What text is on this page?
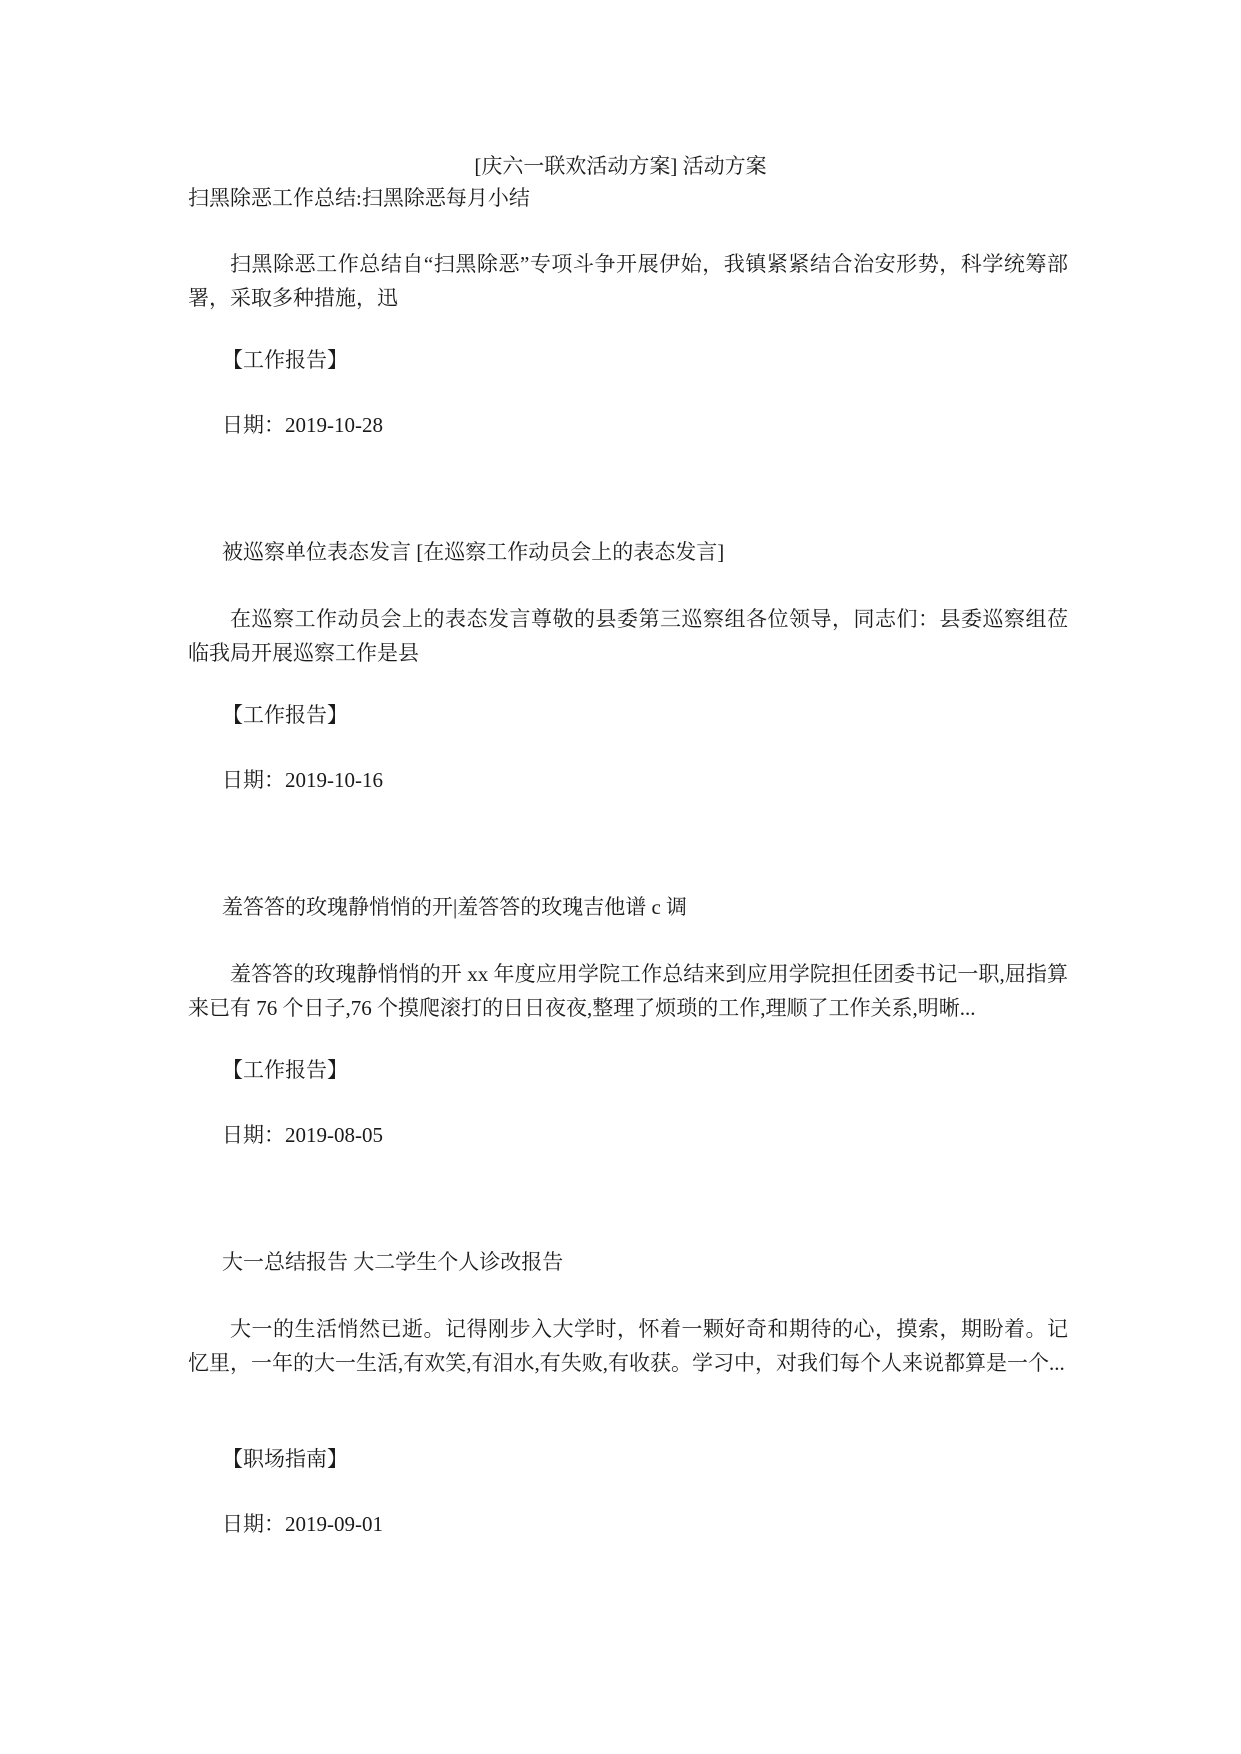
[庆六一联欢活动方案] 活动方案
扫黑除恶工作总结:扫黑除恶每月小结
扫黑除恶工作总结自“扫黑除恶”专项斗争开展伊始，我镇紧紧结合治安形势，科学统筹部署，采取多种措施，迅
【工作报告】
日期：2019-10-28
被巡察单位表态发言 [在巡察工作动员会上的表态发言]
在巡察工作动员会上的表态发言尊敬的县委第三巡察组各位领导，同志们：县委巡察组莅临我局开展巡察工作是县
【工作报告】
日期：2019-10-16
羞答答的玫瑰静悄悄的开|羞答答的玫瑰吉他谱 c 调
羞答答的玫瑰静悄悄的开 xx 年度应用学院工作总结来到应用学院担任团委书记一职,屈指算来已有 76 个日子,76 个摸爬滚打的日日夜夜,整理了烦琐的工作,理顺了工作关系,明晰...
【工作报告】
日期：2019-08-05
大一总结报告 大二学生个人诊改报告
大一的生活悄然已逝。记得刚步入大学时，怀着一颗好奇和期待的心，摸索，期盼着。记忆里，一年的大一生活,有欢笑,有泪水,有失败,有收获。学习中，对我们每个人来说都算是一个...
【职场指南】
日期：2019-09-01
